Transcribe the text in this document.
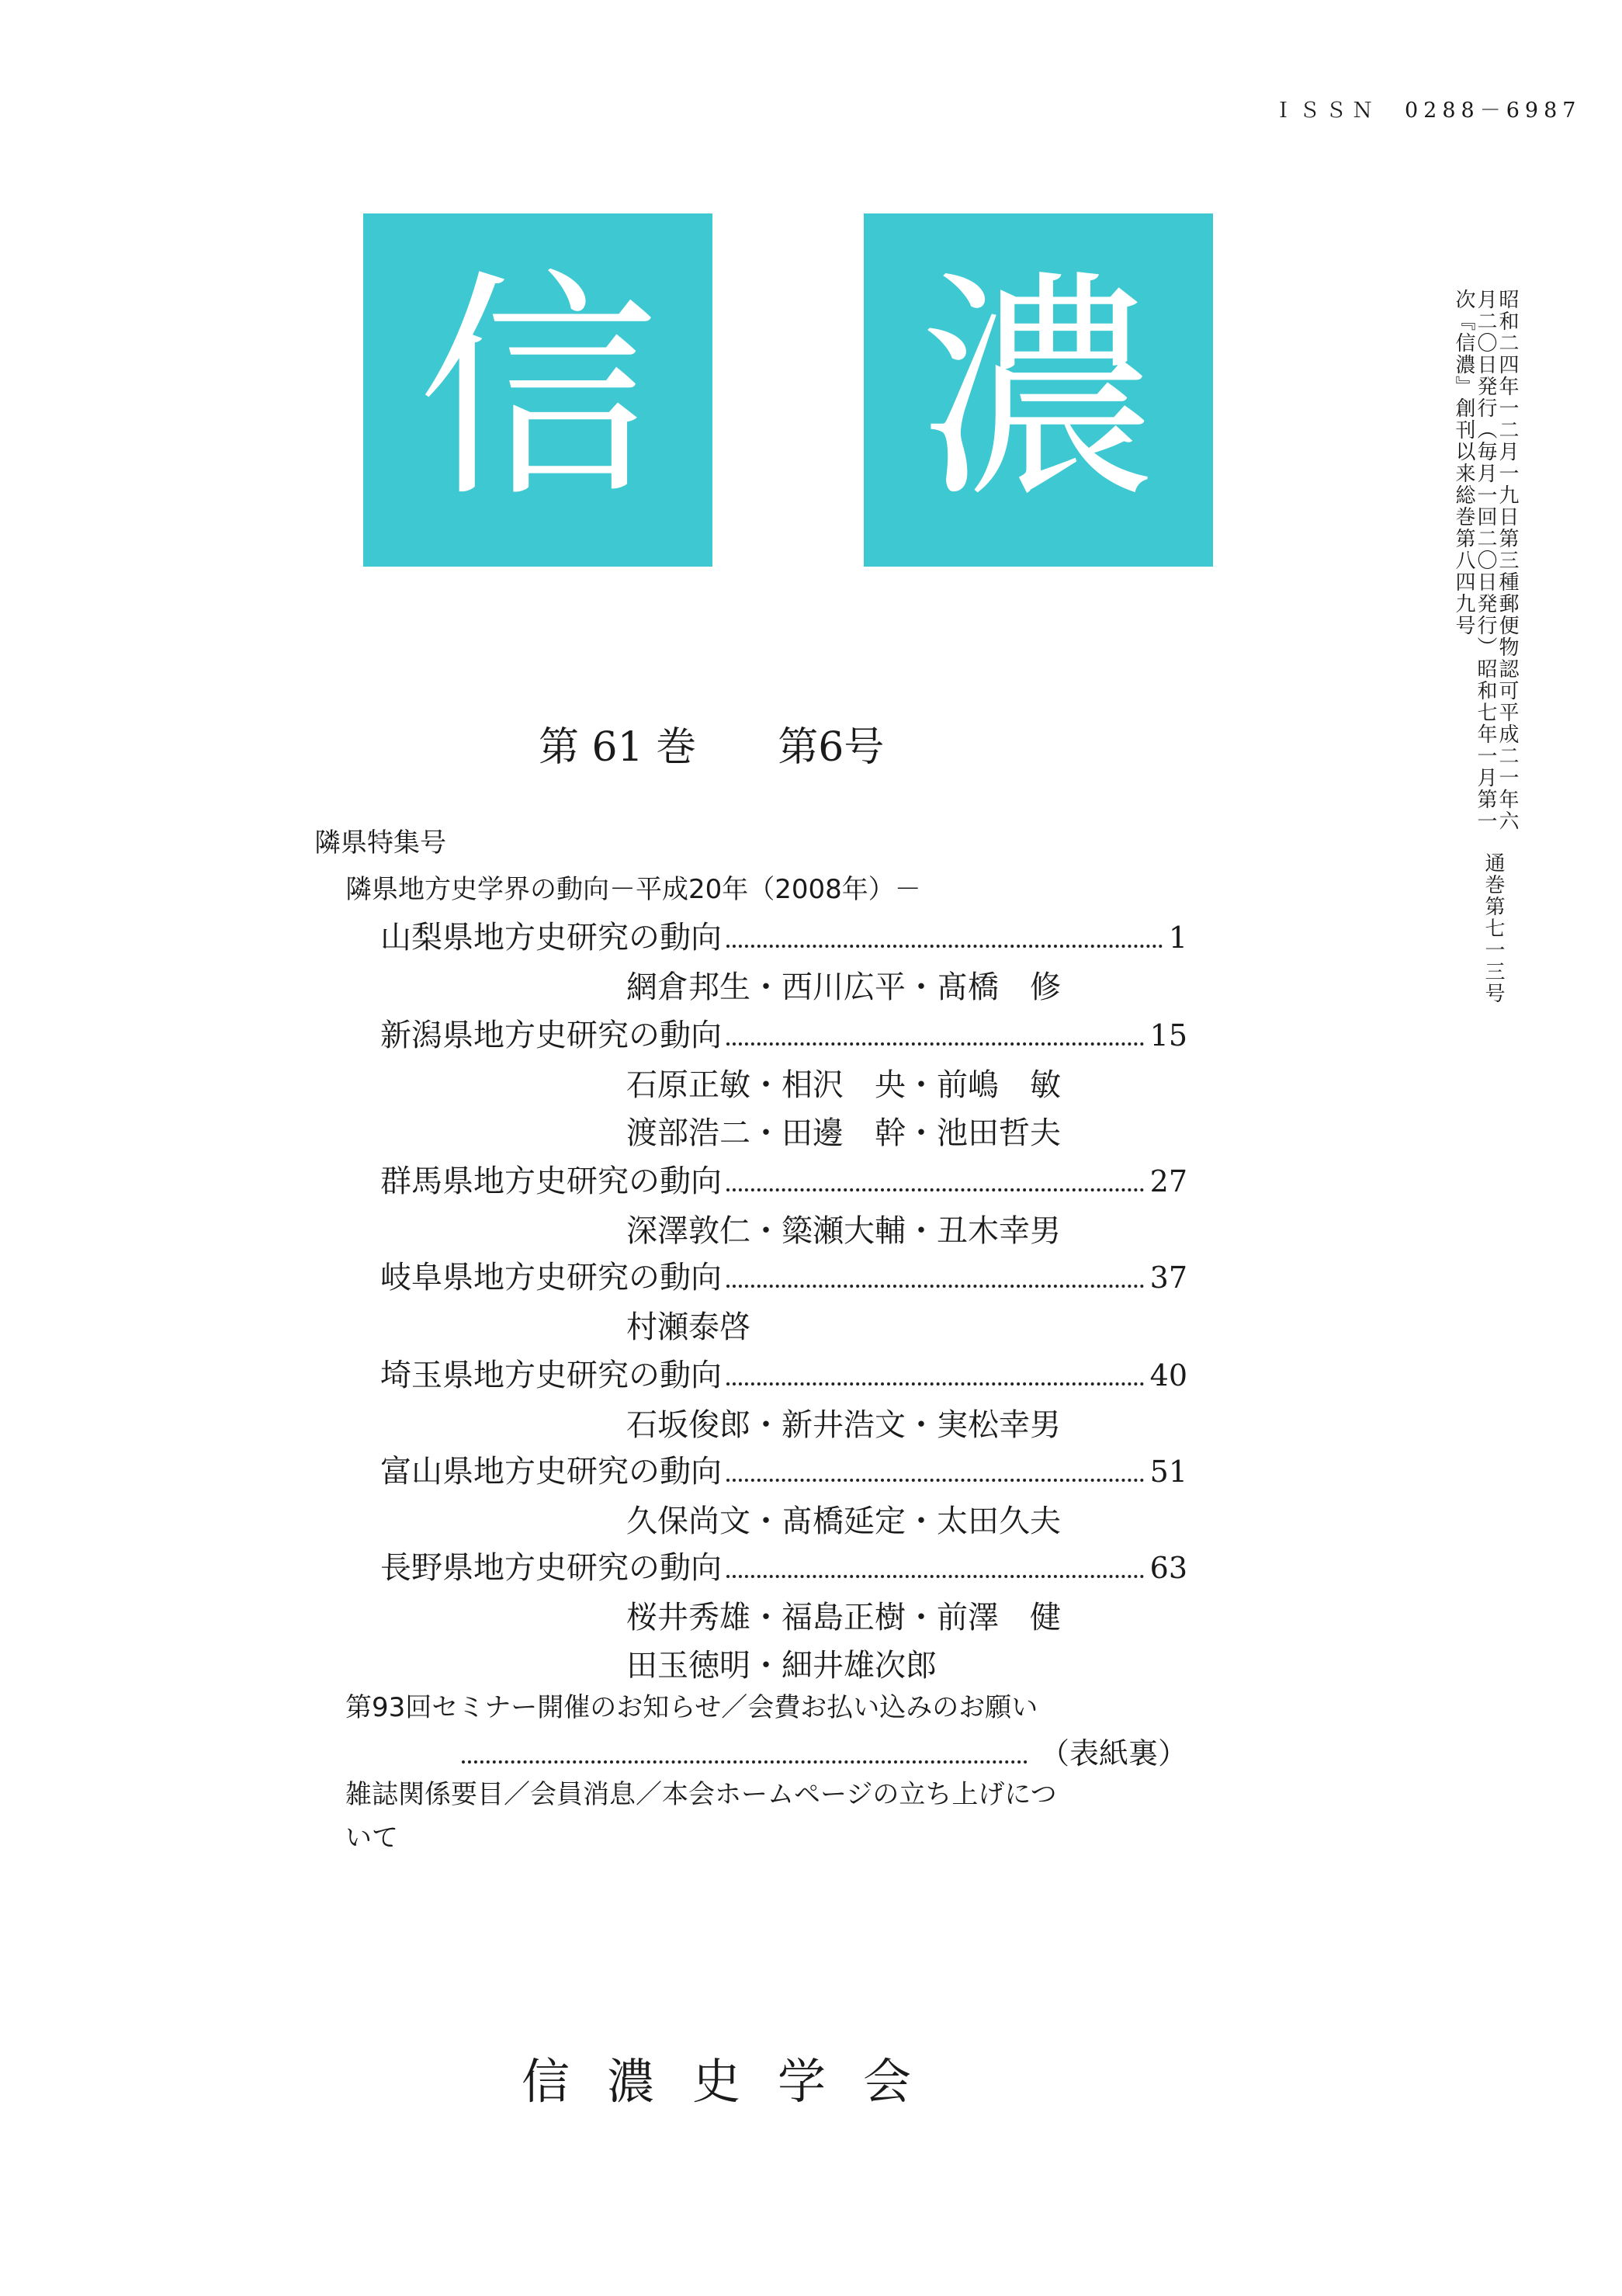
ＩＳＳＮ　0288－6987
信 濃
第 61 巻 第6号	昭和二四年一二月一九日第三種郵便物認可平成二一年六月二〇日発行（毎月一回二〇日発行）昭和七年一月第一次『信濃』創刊以来総巻第八四九号
通巻第七一三号
隣県特集号
隣県地方史学界の動向－平成20年（2008年）－
山梨県地方史研究の動向	1
網倉邦生・西川広平・髙橋　修
新潟県地方史研究の動向	15
石原正敏・相沢　央・前嶋　敏
渡部浩二・田邊　幹・池田哲夫
群馬県地方史研究の動向	27
深澤敦仁・簗瀬大輔・丑木幸男
岐阜県地方史研究の動向	37
村瀬泰啓
埼玉県地方史研究の動向	40
石坂俊郎・新井浩文・実松幸男
富山県地方史研究の動向	51
久保尚文・髙橋延定・太田久夫
長野県地方史研究の動向	63
桜井秀雄・福島正樹・前澤　健
田玉徳明・細井雄次郎
第93回セミナー開催のお知らせ／会費お払い込みのお願い
（表紙裏）
雑誌関係要目／会員消息／本会ホームページの立ち上げにつ
いて
信濃史学会
